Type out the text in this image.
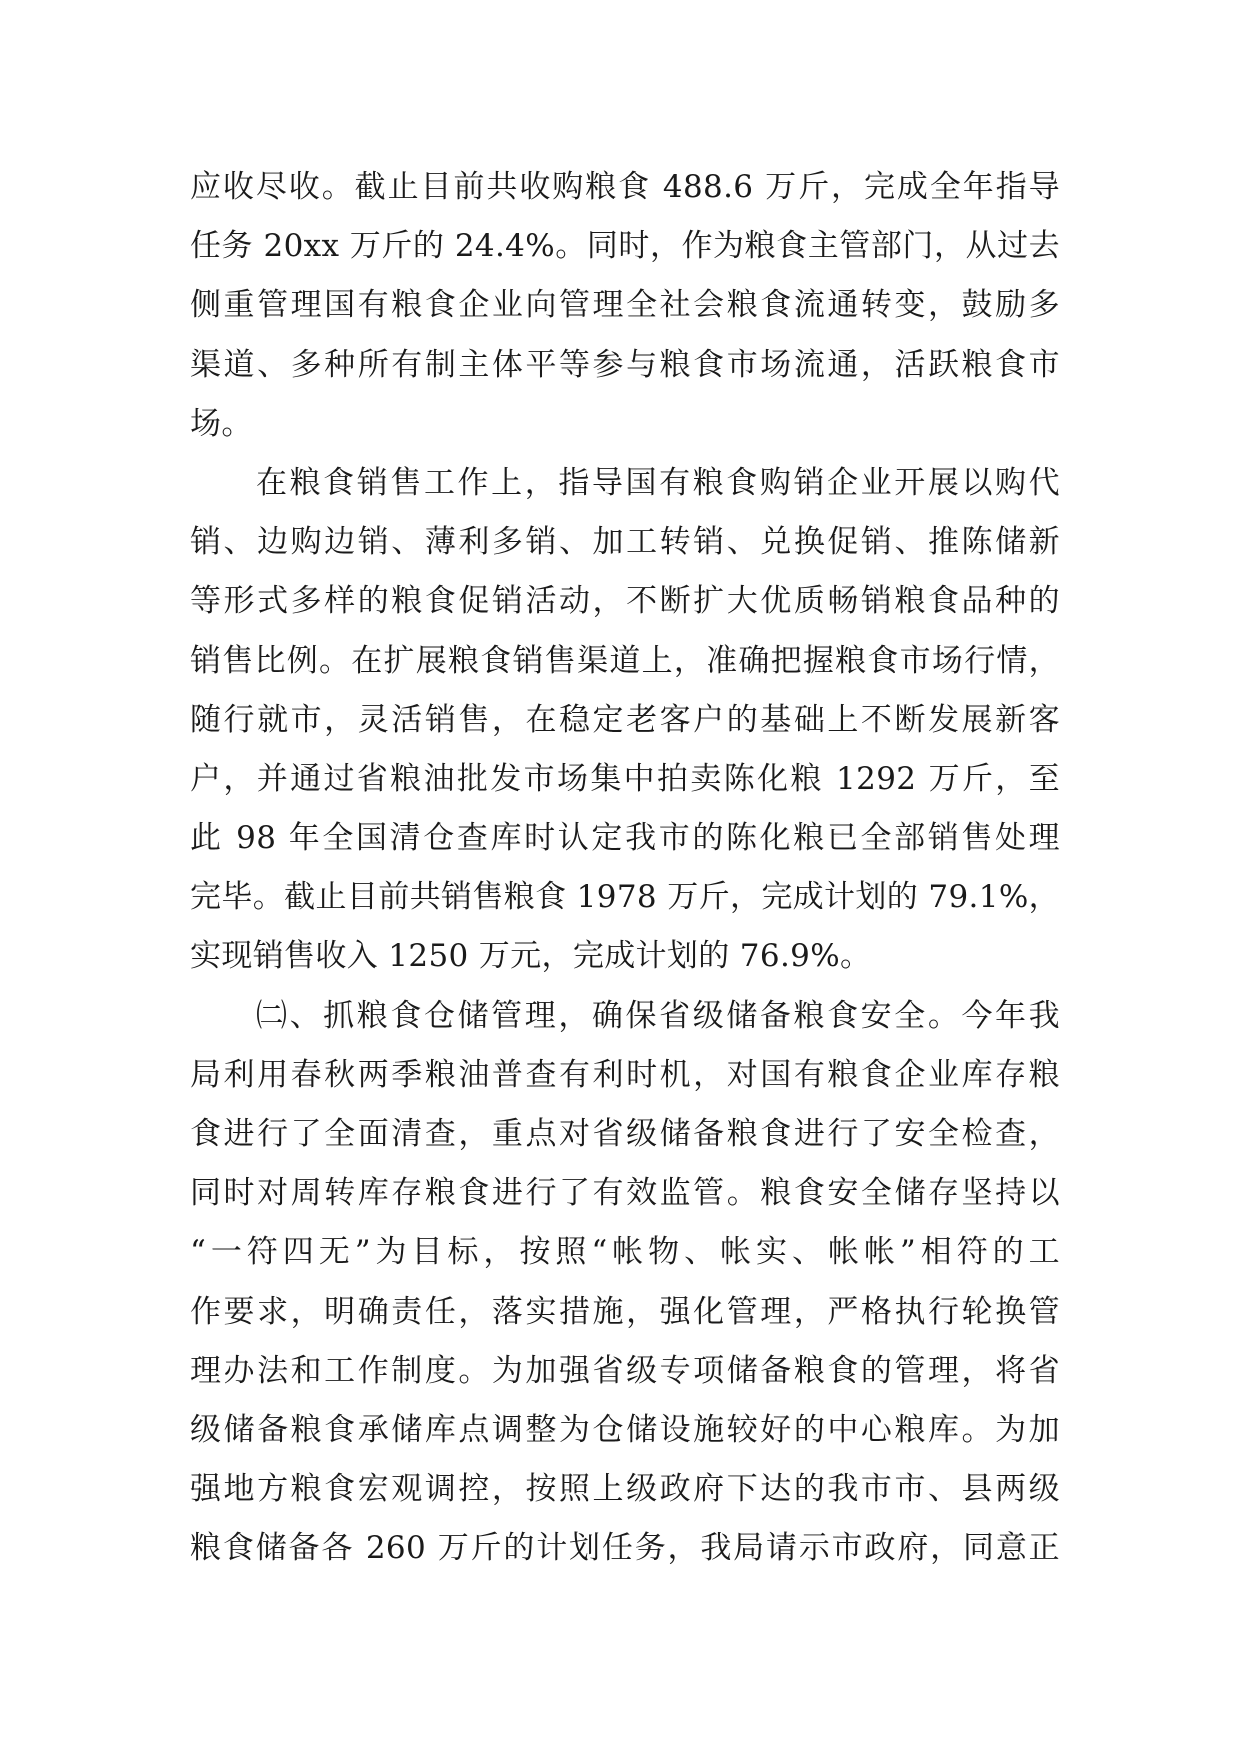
应收尽收。截止目前共收购粮食 488.6 万斤，完成全年指导
任务 20xx 万斤的 24.4%。同时，作为粮食主管部门，从过去
侧重管理国有粮食企业向管理全社会粮食流通转变，鼓励多
渠道、多种所有制主体平等参与粮食市场流通，活跃粮食市
场。
在粮食销售工作上，指导国有粮食购销企业开展以购代
销、边购边销、薄利多销、加工转销、兑换促销、推陈储新
等形式多样的粮食促销活动，不断扩大优质畅销粮食品种的
销售比例。在扩展粮食销售渠道上，准确把握粮食市场行情，
随行就市，灵活销售，在稳定老客户的基础上不断发展新客
户，并通过省粮油批发市场集中拍卖陈化粮 1292 万斤，至
此 98 年全国清仓查库时认定我市的陈化粮已全部销售处理
完毕。截止目前共销售粮食 1978 万斤，完成计划的 79.1%，
实现销售收入 1250 万元，完成计划的 76.9%。
㈡、抓粮食仓储管理，确保省级储备粮食安全。今年我
局利用春秋两季粮油普查有利时机，对国有粮食企业库存粮
食进行了全面清查，重点对省级储备粮食进行了安全检查，
同时对周转库存粮食进行了有效监管。粮食安全储存坚持以
“一符四无”为目标，按照“帐物、帐实、帐帐”相符的工
作要求，明确责任，落实措施，强化管理，严格执行轮换管
理办法和工作制度。为加强省级专项储备粮食的管理，将省
级储备粮食承储库点调整为仓储设施较好的中心粮库。为加
强地方粮食宏观调控，按照上级政府下达的我市市、县两级
粮食储备各 260 万斤的计划任务，我局请示市政府，同意正
